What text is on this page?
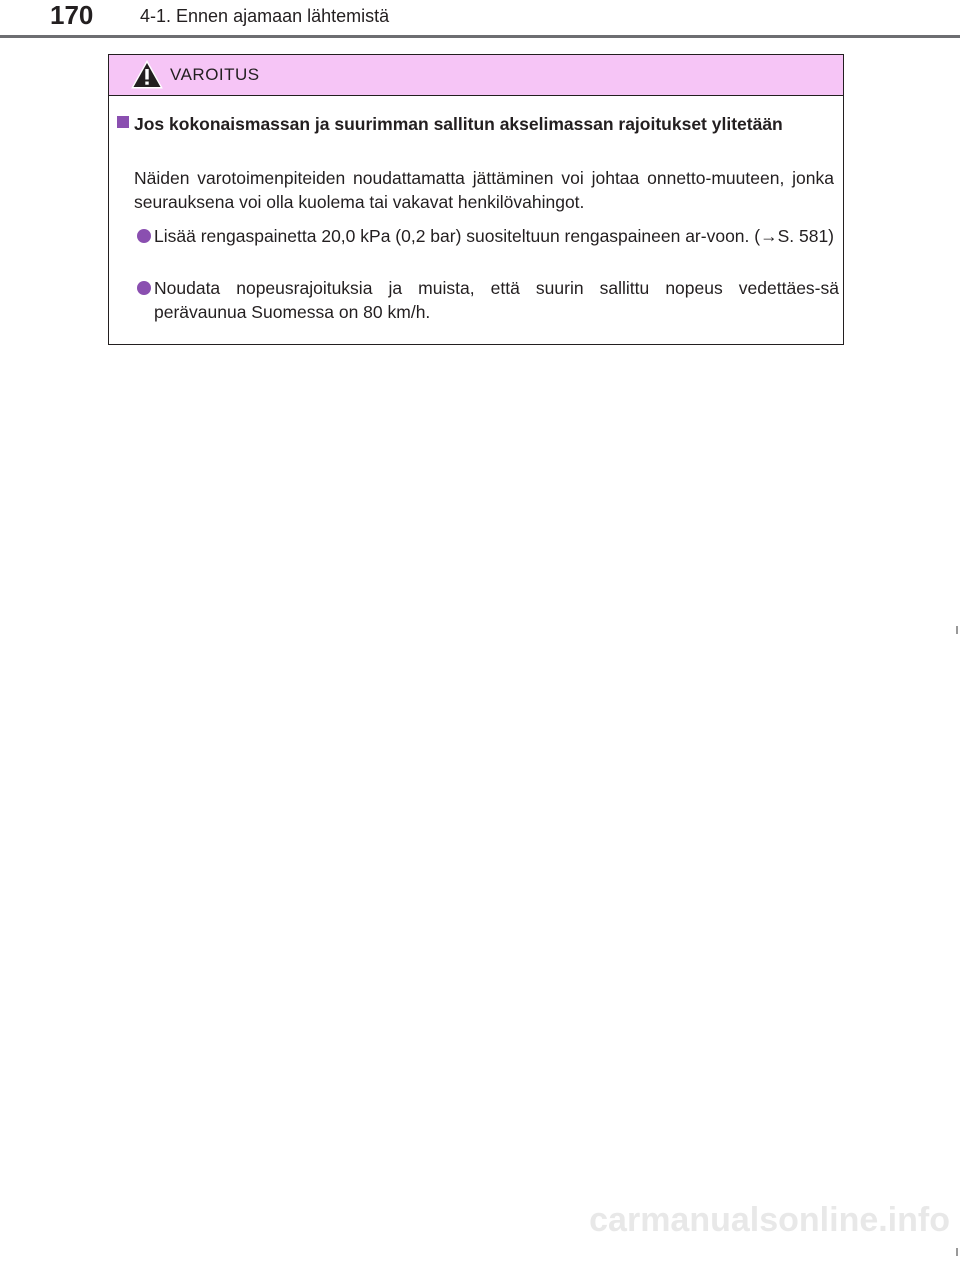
170	4-1. Ennen ajamaan lähtemistä
VAROITUS
Jos kokonaismassan ja suurimman sallitun akselimassan rajoitukset ylitetään
Näiden varotoimenpiteiden noudattamatta jättäminen voi johtaa onnetto-muuteen, jonka seurauksena voi olla kuolema tai vakavat henkilövahingot.
Lisää rengaspainetta 20,0 kPa (0,2 bar) suositeltuun rengaspaineen ar-voon. (→S. 581)
Noudata nopeusrajoituksia ja muista, että suurin sallittu nopeus vedettäes-sä perävaunua Suomessa on 80 km/h.
carmanualsonline.info
